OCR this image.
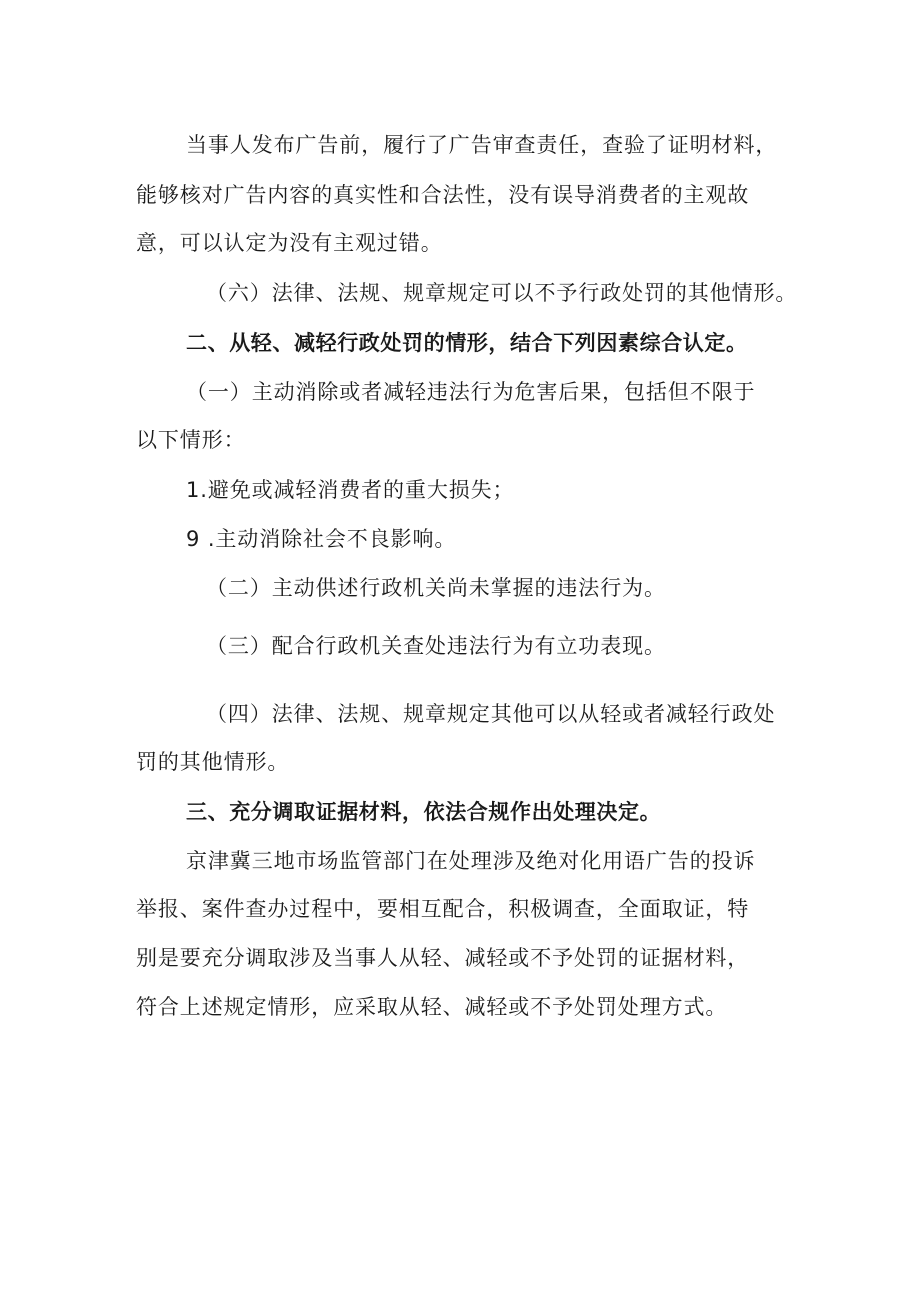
当事人发布广告前，履行了广告审查责任，查验了证明材料，
能够核对广告内容的真实性和合法性，没有误导消费者的主观故
意，可以认定为没有主观过错。
（六）法律、法规、规章规定可以不予行政处罚的其他情形。
二、从轻、减轻行政处罚的情形，结合下列因素综合认定。
（一）主动消除或者减轻违法行为危害后果，包括但不限于
以下情形：
1.避免或减轻消费者的重大损失；
9 .主动消除社会不良影响。
（二）主动供述行政机关尚未掌握的违法行为。
（三）配合行政机关查处违法行为有立功表现。
（四）法律、法规、规章规定其他可以从轻或者减轻行政处
罚的其他情形。
三、充分调取证据材料，依法合规作出处理决定。
京津冀三地市场监管部门在处理涉及绝对化用语广告的投诉
举报、案件查办过程中，要相互配合，积极调查，全面取证，特
别是要充分调取涉及当事人从轻、减轻或不予处罚的证据材料，
符合上述规定情形，应采取从轻、减轻或不予处罚处理方式。
